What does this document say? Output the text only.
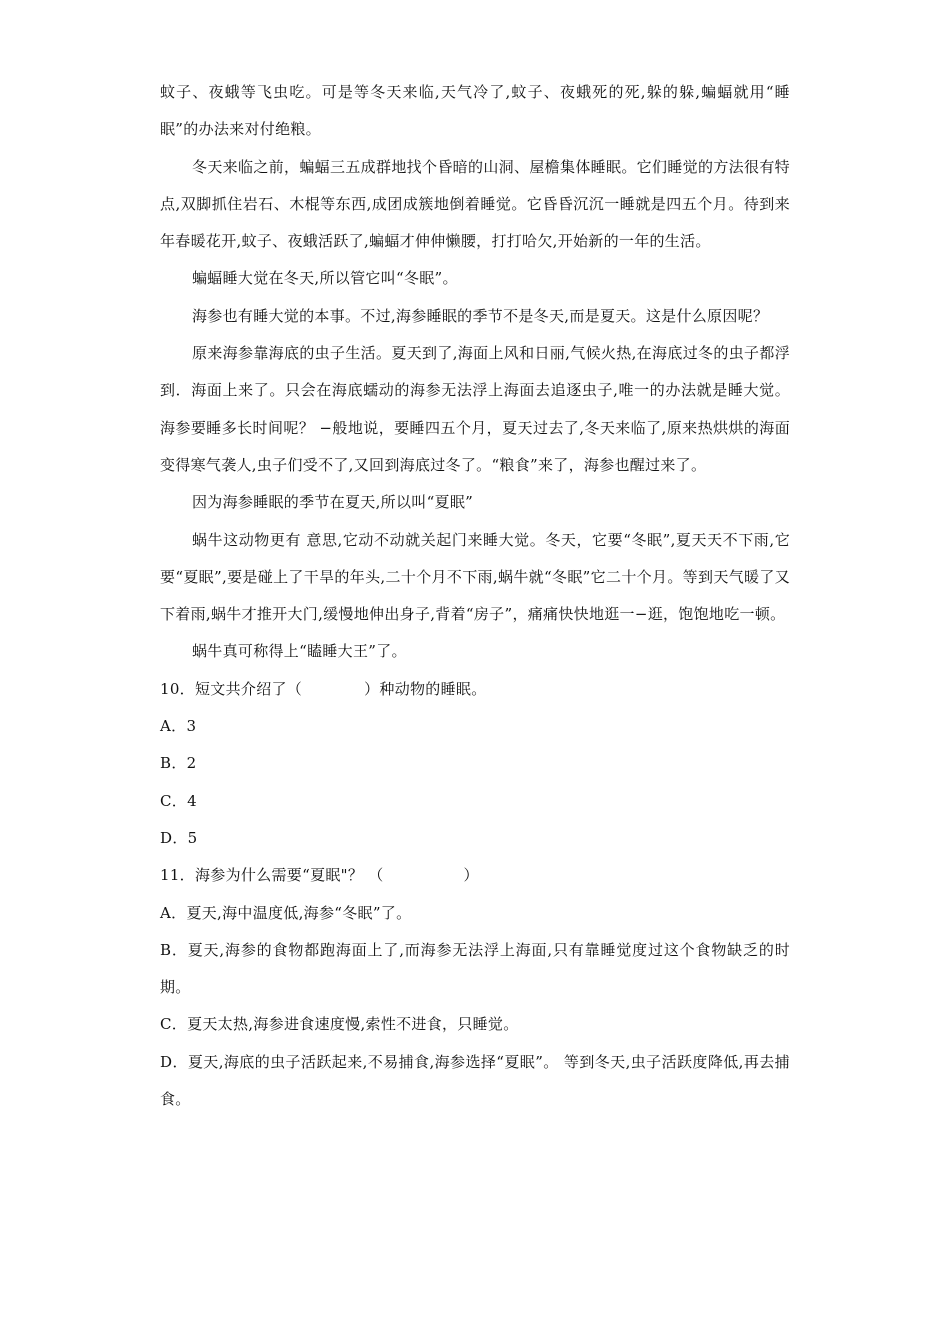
蚊子、夜蛾等飞虫吃。可是等冬天来临,天气冷了,蚊子、夜蛾死的死,躲的躲,蝙蝠就用“睡眠”的办法来对付绝粮。

冬天来临之前，蝙蝠三五成群地找个昏暗的山洞、屋檐集体睡眠。它们睡觉的方法很有特点,双脚抓住岩石、木棍等东西,成团成簇地倒着睡觉。它昏昏沉沉一睡就是四五个月。待到来年春暖花开,蚊子、夜蛾活跃了,蝙蝠才伸伸懒腰，打打哈欠,开始新的一年的生活。

蝙蝠睡大觉在冬天,所以管它叫“冬眠”。

海参也有睡大觉的本事。不过,海参睡眠的季节不是冬天,而是夏天。这是什么原因呢？

原来海参靠海底的虫子生活。夏天到了,海面上风和日丽,气候火热,在海底过冬的虫子都浮到．海面上来了。只会在海底蠕动的海参无法浮上海面去追逐虫子,唯一的办法就是睡大觉。海参要睡多长时间呢？ −般地说，要睡四五个月，夏天过去了,冬天来临了,原来热烘烘的海面变得寒气袭人,虫子们受不了,又回到海底过冬了。“粮食”来了，海参也醒过来了。

因为海参睡眠的季节在夏天,所以叫“夏眠”

蜗牛这动物更有 意思,它动不动就关起门来睡大觉。冬天，它要“冬眠”,夏天天不下雨,它要“夏眠”,要是碰上了干旱的年头,二十个月不下雨,蜗牛就“冬眠”它二十个月。等到天气暖了又下着雨,蜗牛才推开大门,缓慢地伸出身子,背着“房子”，痛痛快快地逛一−逛，饱饱地吃一顿。

蜗牛真可称得上“瞌睡大王”了。

10．短文共介绍了（	）种动物的睡眠。

A．3

B．2

C．4

D．5

11．海参为什么需要“夏眠"？ （	）

A．夏天,海中温度低,海参“冬眠”了。

B．夏天,海参的食物都跑海面上了,而海参无法浮上海面,只有靠睡觉度过这个食物缺乏的时期。

C．夏天太热,海参进食速度慢,索性不进食，只睡觉。

D．夏天,海底的虫子活跃起来,不易捕食,海参选择“夏眠”。 等到冬天,虫子活跃度降低,再去捕食。
